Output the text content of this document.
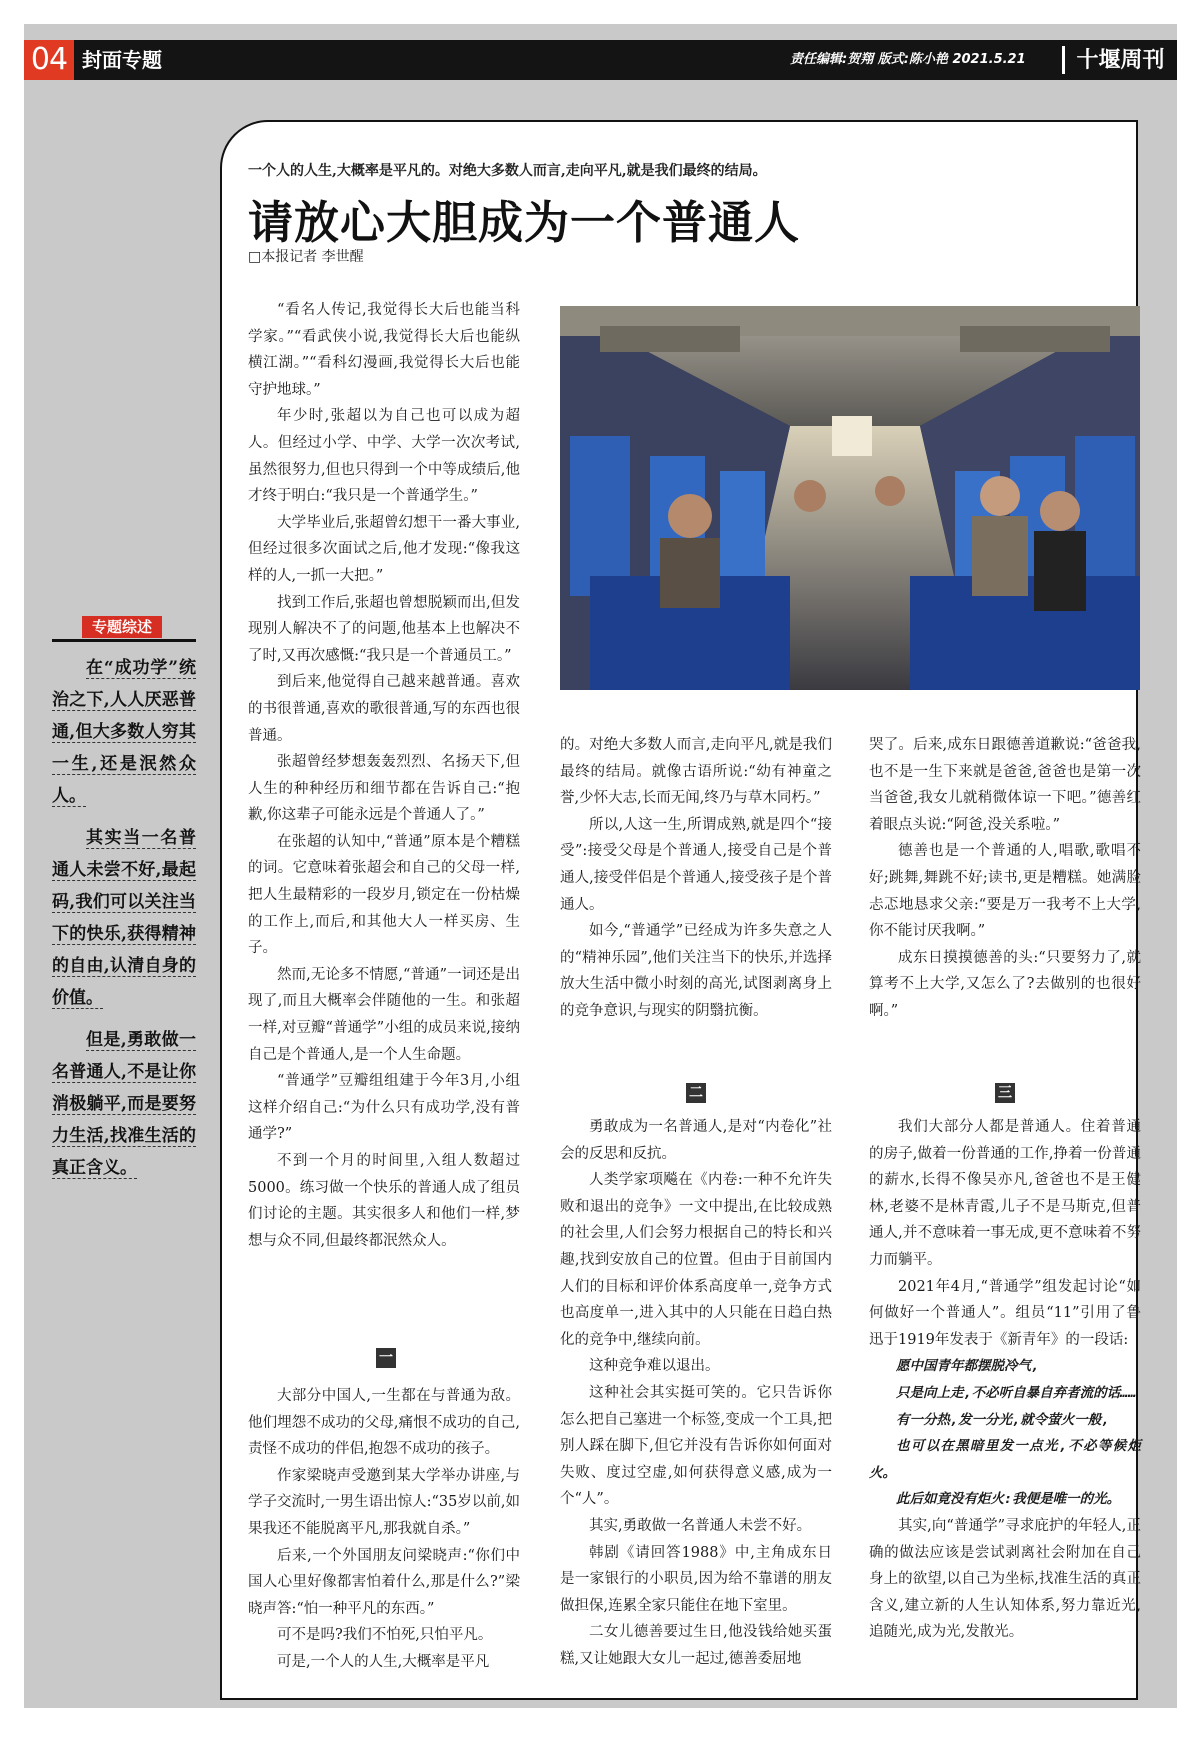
04 封面专题	责任编辑:贺翔 版式:陈小艳 2021.5.21	十堰周刊
一个人的人生,大概率是平凡的。对绝大多数人而言,走向平凡,就是我们最终的结局。
请放心大胆成为一个普通人
□本报记者 李世醒
专题综述

在“成功学”统治之下,人人厌恶普通,但大多数人穷其一生,还是泯然众人。

其实当一名普通人未尝不好,最起码,我们可以关注当下的快乐,获得精神的自由,认清自身的价值。

但是,勇敢做一名普通人,不是让你消极躺平,而是要努力生活,找准生活的真正含义。

“看名人传记,我觉得长大后也能当科学家。”“看武侠小说,我觉得长大后也能纵横江湖。”“看科幻漫画,我觉得长大后也能守护地球。”

年少时,张超以为自己也可以成为超人。但经过小学、中学、大学一次次考试,虽然很努力,但也只得到一个中等成绩后,他才终于明白:“我只是一个普通学生。”

大学毕业后,张超曾幻想干一番大事业,但经过很多次面试之后,他才发现:“像我这样的人,一抓一大把。”

找到工作后,张超也曾想脱颖而出,但发现别人解决不了的问题,他基本上也解决不了时,又再次感慨:“我只是一个普通员工。”

到后来,他觉得自己越来越普通。喜欢的书很普通,喜欢的歌很普通,写的东西也很普通。

张超曾经梦想轰轰烈烈、名扬天下,但人生的种种经历和细节都在告诉自己:“抱歉,你这辈子可能永远是个普通人了。”

在张超的认知中,“普通”原本是个糟糕的词。它意味着张超会和自己的父母一样,把人生最精彩的一段岁月,锁定在一份枯燥的工作上,而后,和其他大人一样买房、生子。

然而,无论多不情愿,“普通”一词还是出现了,而且大概率会伴随他的一生。和张超一样,对豆瓣“普通学”小组的成员来说,接纳自己是个普通人,是一个人生命题。

“普通学”豆瓣组组建于今年3月,小组这样介绍自己:“为什么只有成功学,没有普通学?”

不到一个月的时间里,入组人数超过5000。练习做一个快乐的普通人成了组员们讨论的主题。其实很多人和他们一样,梦想与众不同,但最终都泯然众人。

一

大部分中国人,一生都在与普通为敌。他们埋怨不成功的父母,痛恨不成功的自己,责怪不成功的伴侣,抱怨不成功的孩子。

作家梁晓声受邀到某大学举办讲座,与学子交流时,一男生语出惊人:“35岁以前,如果我还不能脱离平凡,那我就自杀。”

后来,一个外国朋友问梁晓声:“你们中国人心里好像都害怕着什么,那是什么?”梁晓声答:“怕一种平凡的东西。”

可不是吗?我们不怕死,只怕平凡。

可是,一个人的人生,大概率是平凡

的。对绝大多数人而言,走向平凡,就是我们最终的结局。就像古语所说:“幼有神童之誉,少怀大志,长而无闻,终乃与草木同朽。”

所以,人这一生,所谓成熟,就是四个“接受”:接受父母是个普通人,接受自己是个普通人,接受伴侣是个普通人,接受孩子是个普通人。

如今,“普通学”已经成为许多失意之人的“精神乐园”,他们关注当下的快乐,并选择放大生活中微小时刻的高光,试图剥离身上的竞争意识,与现实的阴翳抗衡。

二

勇敢成为一名普通人,是对“内卷化”社会的反思和反抗。

人类学家项飚在《内卷:一种不允许失败和退出的竞争》一文中提出,在比较成熟的社会里,人们会努力根据自己的特长和兴趣,找到安放自己的位置。但由于目前国内人们的目标和评价体系高度单一,竞争方式也高度单一,进入其中的人只能在日趋白热化的竞争中,继续向前。

这种竞争难以退出。

这种社会其实挺可笑的。它只告诉你怎么把自己塞进一个标签,变成一个工具,把别人踩在脚下,但它并没有告诉你如何面对失败、度过空虚,如何获得意义感,成为一个“人”。

其实,勇敢做一名普通人未尝不好。

韩剧《请回答1988》中,主角成东日是一家银行的小职员,因为给不靠谱的朋友做担保,连累全家只能住在地下室里。

二女儿德善要过生日,他没钱给她买蛋糕,又让她跟大女儿一起过,德善委屈地

哭了。后来,成东日跟德善道歉说:“爸爸我,也不是一生下来就是爸爸,爸爸也是第一次当爸爸,我女儿就稍微体谅一下吧。”德善红着眼点头说:“阿爸,没关系啦。”

德善也是一个普通的人,唱歌,歌唱不好;跳舞,舞跳不好;读书,更是糟糕。她满脸忐忑地恳求父亲:“要是万一我考不上大学,你不能讨厌我啊。”

成东日摸摸德善的头:“只要努力了,就算考不上大学,又怎么了?去做别的也很好啊。”

三

我们大部分人都是普通人。住着普通的房子,做着一份普通的工作,挣着一份普通的薪水,长得不像吴亦凡,爸爸也不是王健林,老婆不是林青霞,儿子不是马斯克,但普通人,并不意味着一事无成,更不意味着不努力而躺平。

2021年4月,“普通学”组发起讨论“如何做好一个普通人”。组员“11”引用了鲁迅于1919年发表于《新青年》的一段话:

愿中国青年都摆脱冷气,

只是向上走,不必听自暴自弃者流的话……

有一分热,发一分光,就令萤火一般,

也可以在黑暗里发一点光,不必等候炬火。

此后如竟没有炬火:我便是唯一的光。

其实,向“普通学”寻求庇护的年轻人,正确的做法应该是尝试剥离社会附加在自己身上的欲望,以自己为坐标,找准生活的真正含义,建立新的人生认知体系,努力靠近光,追随光,成为光,发散光。
